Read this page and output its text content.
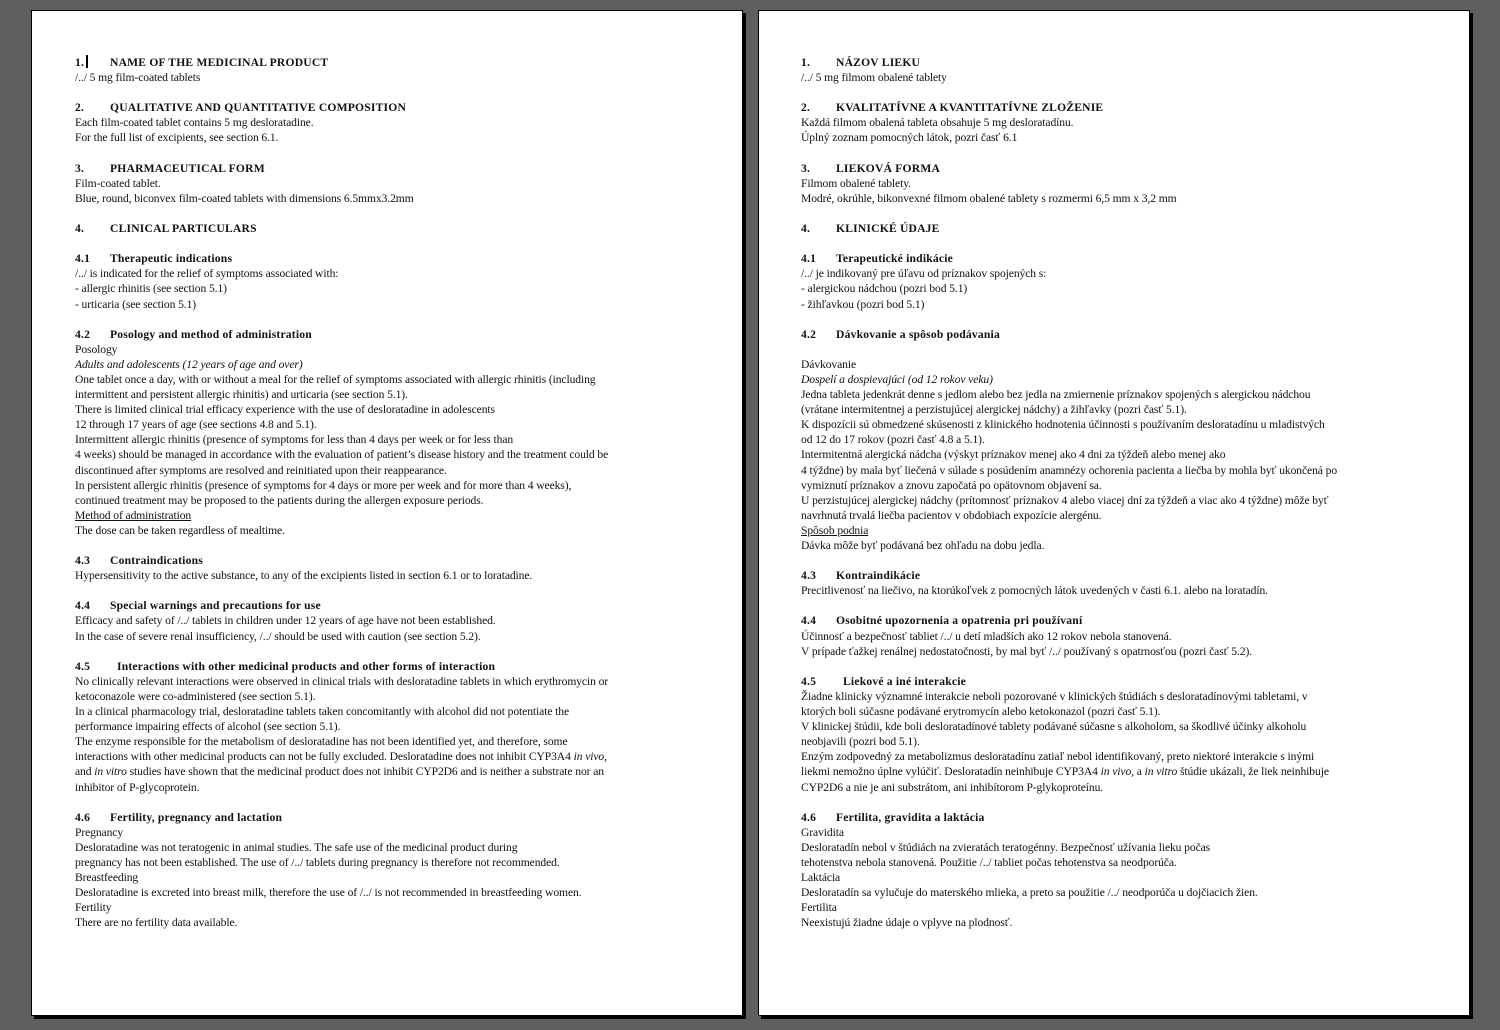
1. NAME OF THE MEDICINAL PRODUCT
/../ 5 mg film-coated tablets
2. QUALITATIVE AND QUANTITATIVE COMPOSITION
Each film-coated tablet contains 5 mg desloratadine.
For the full list of excipients, see section 6.1.
3. PHARMACEUTICAL FORM
Film-coated tablet.
Blue, round, biconvex film-coated tablets with dimensions 6.5mmx3.2mm
4. CLINICAL PARTICULARS
4.1 Therapeutic indications
/../ is indicated for the relief of symptoms associated with:
- allergic rhinitis (see section 5.1)
- urticaria (see section 5.1)
4.2 Posology and method of administration
Posology
Adults and adolescents (12 years of age and over)
One tablet once a day, with or without a meal for the relief of symptoms associated with allergic rhinitis (including
intermittent and persistent allergic rhinitis) and urticaria (see section 5.1).
There is limited clinical trial efficacy experience with the use of desloratadine in adolescents
12 through 17 years of age (see sections 4.8 and 5.1).
Intermittent allergic rhinitis (presence of symptoms for less than 4 days per week or for less than
4 weeks) should be managed in accordance with the evaluation of patient’s disease history and the treatment could be
discontinued after symptoms are resolved and reinitiated upon their reappearance.
In persistent allergic rhinitis (presence of symptoms for 4 days or more per week and for more than 4 weeks),
continued treatment may be proposed to the patients during the allergen exposure periods.
Method of administration
The dose can be taken regardless of mealtime.
4.3 Contraindications
Hypersensitivity to the active substance, to any of the excipients listed in section 6.1 or to loratadine.
4.4 Special warnings and precautions for use
Efficacy and safety of /../ tablets in children under 12 years of age have not been established.
In the case of severe renal insufficiency, /../ should be used with caution (see section 5.2).
4.5 Interactions with other medicinal products and other forms of interaction
No clinically relevant interactions were observed in clinical trials with desloratadine tablets in which erythromycin or
ketoconazole were co-administered (see section 5.1).
In a clinical pharmacology trial, desloratadine tablets taken concomitantly with alcohol did not potentiate the
performance impairing effects of alcohol (see section 5.1).
The enzyme responsible for the metabolism of desloratadine has not been identified yet, and therefore, some
interactions with other medicinal products can not be fully excluded. Desloratadine does not inhibit CYP3A4 in vivo,
and in vitro studies have shown that the medicinal product does not inhibit CYP2D6 and is neither a substrate nor an
inhibitor of P-glycoprotein.
4.6 Fertility, pregnancy and lactation
Pregnancy
Desloratadine was not teratogenic in animal studies. The safe use of the medicinal product during
pregnancy has not been established. The use of /../ tablets during pregnancy is therefore not recommended.
Breastfeeding
Desloratadine is excreted into breast milk, therefore the use of /../ is not recommended in breastfeeding women.
Fertility
There are no fertility data available.
1. NÁZOV LIEKU
/../ 5 mg filmom obalené tablety
2. KVALITATÍVNE A KVANTITATÍVNE ZLOŽENIE
Každá filmom obalená tableta obsahuje 5 mg desloratadínu.
Úplný zoznam pomocných látok, pozri časť 6.1
3. LIEKOVÁ FORMA
Filmom obalené tablety.
Modré, okrúhle, bikonvexné filmom obalené tablety s rozmermi 6,5 mm x 3,2 mm
4. KLINICKÉ ÚDAJE
4.1 Terapeutické indikácie
/../ je indikovaný pre úľavu od príznakov spojených s:
- alergickou nádchou (pozri bod 5.1)
- žihľavkou (pozri bod 5.1)
4.2 Dávkovanie a spôsob podávania
Dávkovanie
Dospelí a dospievajúci (od 12 rokov veku)
Jedna tableta jedenkrát denne s jedlom alebo bez jedla na zmiernenie príznakov spojených s alergickou nádchou
(vrátane intermitentnej a perzistujúcej alergickej nádchy) a žihľavky (pozri časť 5.1).
K dispozícii sú obmedzené skúsenosti z klinického hodnotenia účinnosti s používaním desloratadínu u mladistvých
od 12 do 17 rokov (pozri časť 4.8 a 5.1).
Intermitentná alergická nádcha (výskyt príznakov menej ako 4 dni za týždeň alebo menej ako
4 týždne) by mala byť liečená v súlade s posúdením anamnézy ochorenia pacienta a liečba by mohla byť ukončená po
vymiznutí príznakov a znovu započatá po opätovnom objavení sa.
U perzistujúcej alergickej nádchy (prítomnosť príznakov 4 alebo viacej dní za týždeň a viac ako 4 týždne) môže byť
navrhnutá trvalá liečba pacientov v obdobiach expozície alergénu.
Spôsob podnia
Dávka môže byť podávaná bez ohľadu na dobu jedla.
4.3 Kontraindikácie
Precitlivenosť na liečivo, na ktorúkoľvek z pomocných látok uvedených v časti 6.1. alebo na loratadín.
4.4 Osobitné upozornenia a opatrenia pri používaní
Účinnosť a bezpečnosť tabliet /../ u detí mladších ako 12 rokov nebola stanovená.
V prípade ťažkej renálnej nedostatočnosti, by mal byť /../ používaný s opatrnosťou (pozri časť 5.2).
4.5 Liekové a iné interakcie
Žiadne klinicky významné interakcie neboli pozorované v klinických štúdiách s desloratadínovými tabletami, v
ktorých boli súčasne podávané erytromycín alebo ketokonazol (pozri časť 5.1).
V klinickej štúdii, kde boli desloratadínové tablety podávané súčasne s alkoholom, sa škodlivé účinky alkoholu
neobjavili (pozri bod 5.1).
Enzým zodpovedný za metabolizmus desloratadínu zatiaľ nebol identifikovaný, preto niektoré interakcie s inými
liekmi nemožno úplne vylúčiť. Desloratadín neinhibuje CYP3A4 in vivo, a in vitro štúdie ukázali, že liek neinhibuje
CYP2D6 a nie je ani substrátom, ani inhibítorom P-glykoproteínu.
4.6 Fertilita, gravidita a laktácia
Gravidita
Desloratadín nebol v štúdiách na zvieratách teratogénny. Bezpečnosť užívania lieku počas
tehotenstva nebola stanovená. Použitie /../ tabliet počas tehotenstva sa neodporúča.
Laktácia
Desloratadín sa vylučuje do materského mlieka, a preto sa použitie /../ neodporúča u dojčiacich žien.
Fertilita
Neexistujú žiadne údaje o vplyve na plodnosť.
